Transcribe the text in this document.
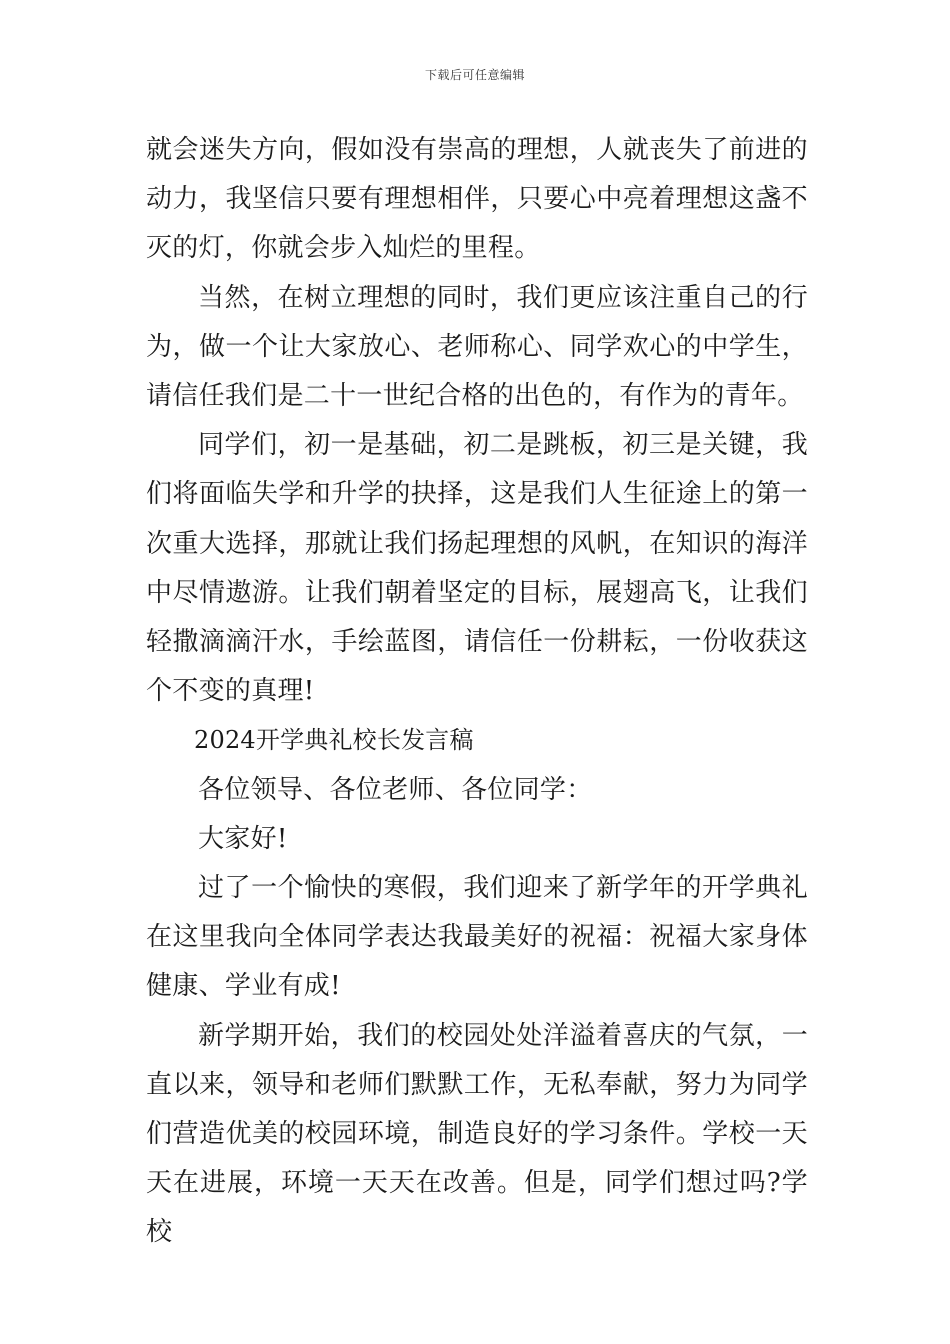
下载后可任意编辑

就会迷失方向，假如没有崇高的理想，人就丧失了前进的动力，我坚信只要有理想相伴，只要心中亮着理想这盏不灭的灯，你就会步入灿烂的里程。

当然，在树立理想的同时，我们更应该注重自己的行为，做一个让大家放心、老师称心、同学欢心的中学生，请信任我们是二十一世纪合格的出色的，有作为的青年。

同学们，初一是基础，初二是跳板，初三是关键，我们将面临失学和升学的抉择，这是我们人生征途上的第一次重大选择，那就让我们扬起理想的风帆，在知识的海洋中尽情遨游。让我们朝着坚定的目标，展翅高飞，让我们轻撒滴滴汗水，手绘蓝图，请信任一份耕耘，一份收获这个不变的真理!

2024开学典礼校长发言稿

各位领导、各位老师、各位同学：

大家好!

过了一个愉快的寒假，我们迎来了新学年的开学典礼在这里我向全体同学表达我最美好的祝福：祝福大家身体健康、学业有成!

新学期开始，我们的校园处处洋溢着喜庆的气氛，一直以来，领导和老师们默默工作，无私奉献，努力为同学们营造优美的校园环境，制造良好的学习条件。学校一天天在进展，环境一天天在改善。但是，同学们想过吗?学校
